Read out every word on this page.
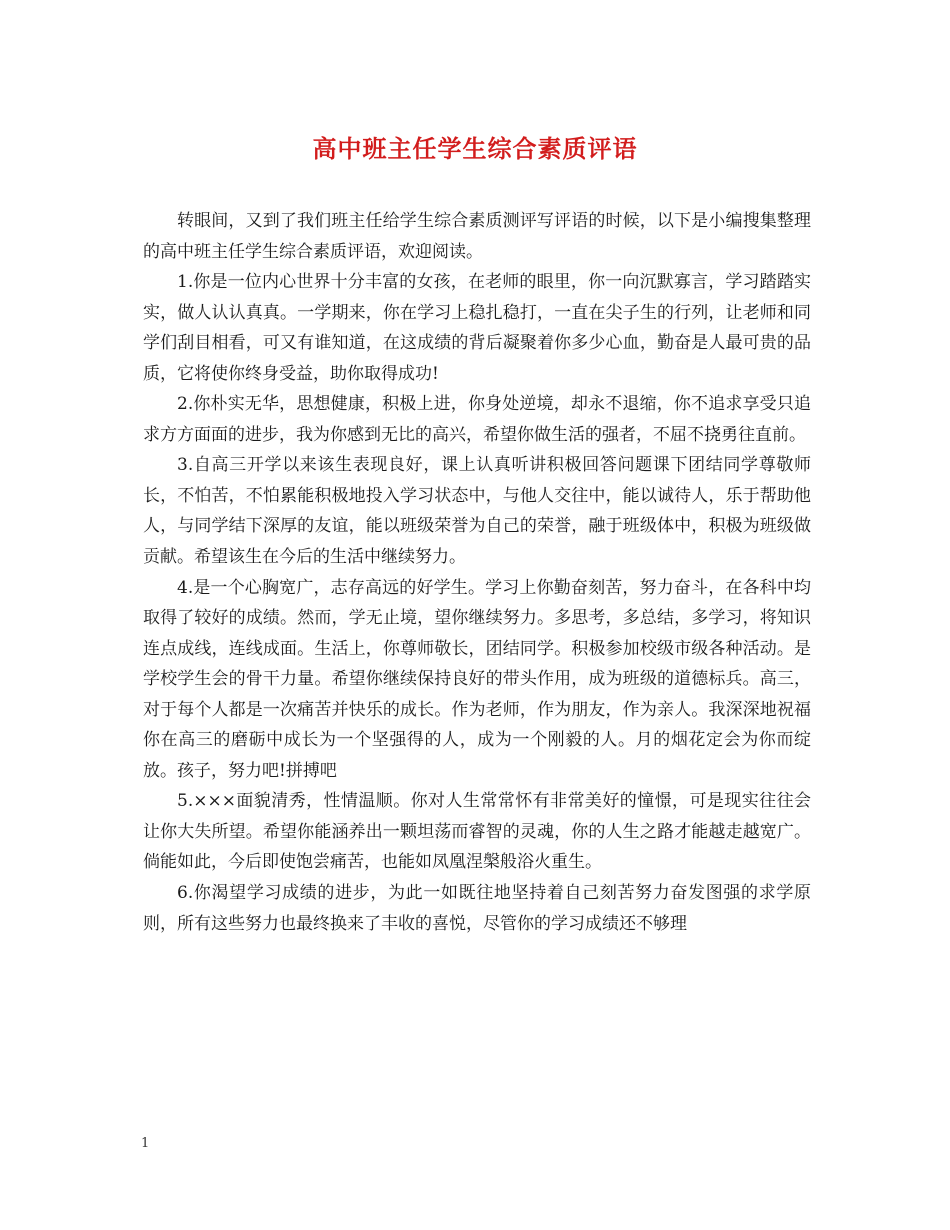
高中班主任学生综合素质评语

转眼间，又到了我们班主任给学生综合素质测评写评语的时候，以下是小编搜集整理的高中班主任学生综合素质评语，欢迎阅读。

1.你是一位内心世界十分丰富的女孩，在老师的眼里，你一向沉默寡言，学习踏踏实实，做人认认真真。一学期来，你在学习上稳扎稳打，一直在尖子生的行列，让老师和同学们刮目相看，可又有谁知道，在这成绩的背后凝聚着你多少心血，勤奋是人最可贵的品质，它将使你终身受益，助你取得成功!

2.你朴实无华，思想健康，积极上进，你身处逆境，却永不退缩，你不追求享受只追求方方面面的进步，我为你感到无比的高兴，希望你做生活的强者，不屈不挠勇往直前。

3.自高三开学以来该生表现良好，课上认真听讲积极回答问题课下团结同学尊敬师长，不怕苦，不怕累能积极地投入学习状态中，与他人交往中，能以诚待人，乐于帮助他人，与同学结下深厚的友谊，能以班级荣誉为自己的荣誉，融于班级体中，积极为班级做贡献。希望该生在今后的生活中继续努力。

4.是一个心胸宽广，志存高远的好学生。学习上你勤奋刻苦，努力奋斗，在各科中均取得了较好的成绩。然而，学无止境，望你继续努力。多思考，多总结，多学习，将知识连点成线，连线成面。生活上，你尊师敬长，团结同学。积极参加校级市级各种活动。是学校学生会的骨干力量。希望你继续保持良好的带头作用，成为班级的道德标兵。高三，对于每个人都是一次痛苦并快乐的成长。作为老师，作为朋友，作为亲人。我深深地祝福你在高三的磨砺中成长为一个坚强得的人，成为一个刚毅的人。月的烟花定会为你而绽放。孩子，努力吧!拼搏吧

5.×××面貌清秀，性情温顺。你对人生常常怀有非常美好的憧憬，可是现实往往会让你大失所望。希望你能涵养出一颗坦荡而睿智的灵魂，你的人生之路才能越走越宽广。倘能如此，今后即使饱尝痛苦，也能如凤凰涅槃般浴火重生。

6.你渴望学习成绩的进步，为此一如既往地坚持着自己刻苦努力奋发图强的求学原则，所有这些努力也最终换来了丰收的喜悦，尽管你的学习成绩还不够理

1
